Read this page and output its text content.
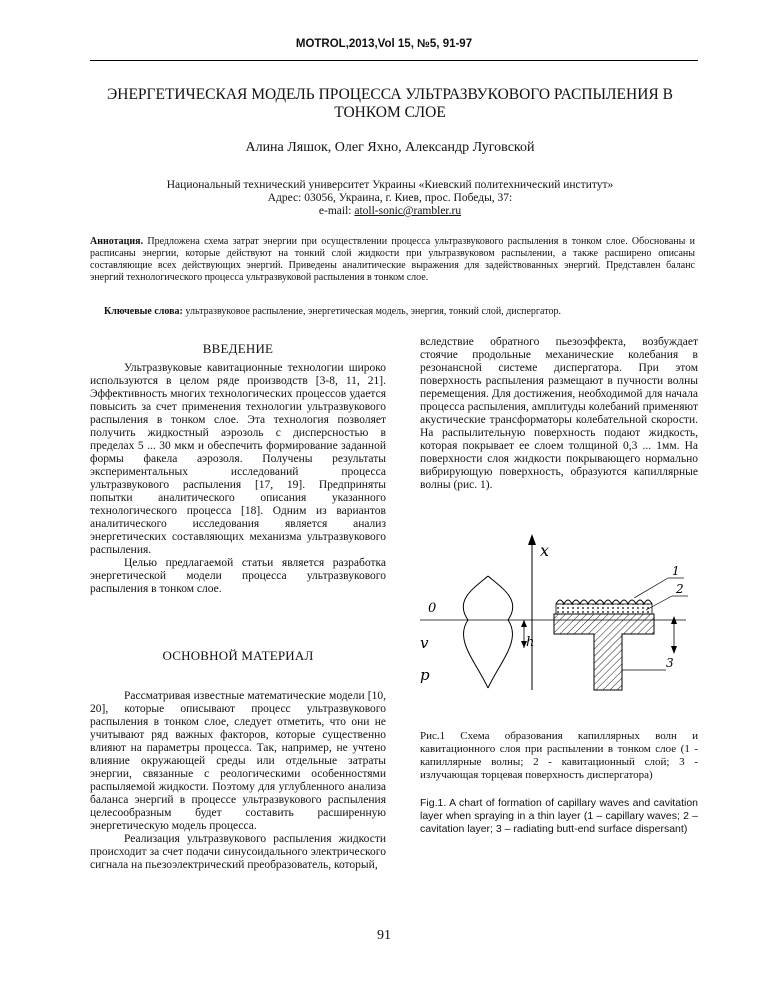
MOTROL,2013,Vol 15, №5, 91-97
ЭНЕРГЕТИЧЕСКАЯ МОДЕЛЬ ПРОЦЕССА УЛЬТРАЗВУКОВОГО РАСПЫЛЕНИЯ В ТОНКОМ СЛОЕ
Алина Ляшок, Олег Яхно, Александр Луговской
Национальный технический университет Украины «Киевский политехнический институт»
Адрес: 03056, Украина, г. Киев, прос. Победы, 37:
e-mail: atoll-sonic@rambler.ru
Аннотация. Предложена схема затрат энергии при осуществлении процесса ультразвукового распыления в тонком слое. Обоснованы и расписаны энергии, которые действуют на тонкий слой жидкости при ультразвуковом распылении, а также расширено описаны составляющие всех действующих энергий. Приведены аналитические выражения для задействованных энергий. Представлен баланс энергий технологического процесса ультразвуковой распыления в тонком слое.
Ключевые слова: ультразвуковое распыление, энергетическая модель, энергия, тонкий слой, диспергатор.
ВВЕДЕНИЕ

Ультразвуковые кавитационные технологии широко используются в целом ряде производств [3-8, 11, 21]. Эффективность многих технологических процессов удается повысить за счет применения технологии ультразвукового распыления в тонком слое. Эта технология позволяет получить жидкостный аэрозоль с дисперсностью в пределах 5 ... 30 мкм и обеспечить формирование заданной формы факела аэрозоля. Получены результаты экспериментальных исследований процесса ультразвукового распыления [17, 19]. Предприняты попытки аналитического описания указанного технологического процесса [18]. Одним из вариантов аналитического исследования является анализ энергетических составляющих механизма ультразвукового распыления.

Целью предлагаемой статьи является разработка энергетической модели процесса ультразвукового распыления в тонком слое.

ОСНОВНОЙ МАТЕРИАЛ

Рассматривая известные математические модели [10, 20], которые описывают процесс ультразвукового распыления в тонком слое, следует отметить, что они не учитывают ряд важных факторов, которые существенно влияют на параметры процесса. Так, например, не учтено влияние окружающей среды или отдельные затраты энергии, связанные с реологическими особенностями распыляемой жидкости. Поэтому для углубленного анализа баланса энергий в процессе ультразвукового распыления целесообразным будет составить расширенную энергетическую модель процесса.

Реализация ультразвукового распыления жидкости происходит за счет подачи синусоидального электрического сигнала на пьезоэлектрический преобразователь, который,

вследствие обратного пьезоэффекта, возбуждает стоячие продольные механические колебания в резонансной системе диспергатора. При этом поверхность распыления размещают в пучности волны перемещения. Для достижения, необходимой для начала процесса распыления, амплитуды колебаний применяют акустические трансформаторы колебательной скорости. На распылительную поверхность подают жидкость, которая покрывает ее слоем толщиной 0,3 ... 1мм. На поверхности слоя жидкости покрывающего нормально вибрирующую поверхность, образуются капиллярные волны (рис. 1).
x
0
v
p
h
1
2
3
Рис.1 Схема образования капиллярных волн и кавитационного слоя при распылении в тонком слое (1 - капиллярные волны; 2 - кавитационный слой; 3 - излучающая торцевая поверхность диспергатора)
Fig.1. A chart of formation of capillary waves and cavitation layer when spraying in a thin layer (1 – capillary waves; 2 – cavitation layer; 3 – radiating butt-end surface dispersant)
91
